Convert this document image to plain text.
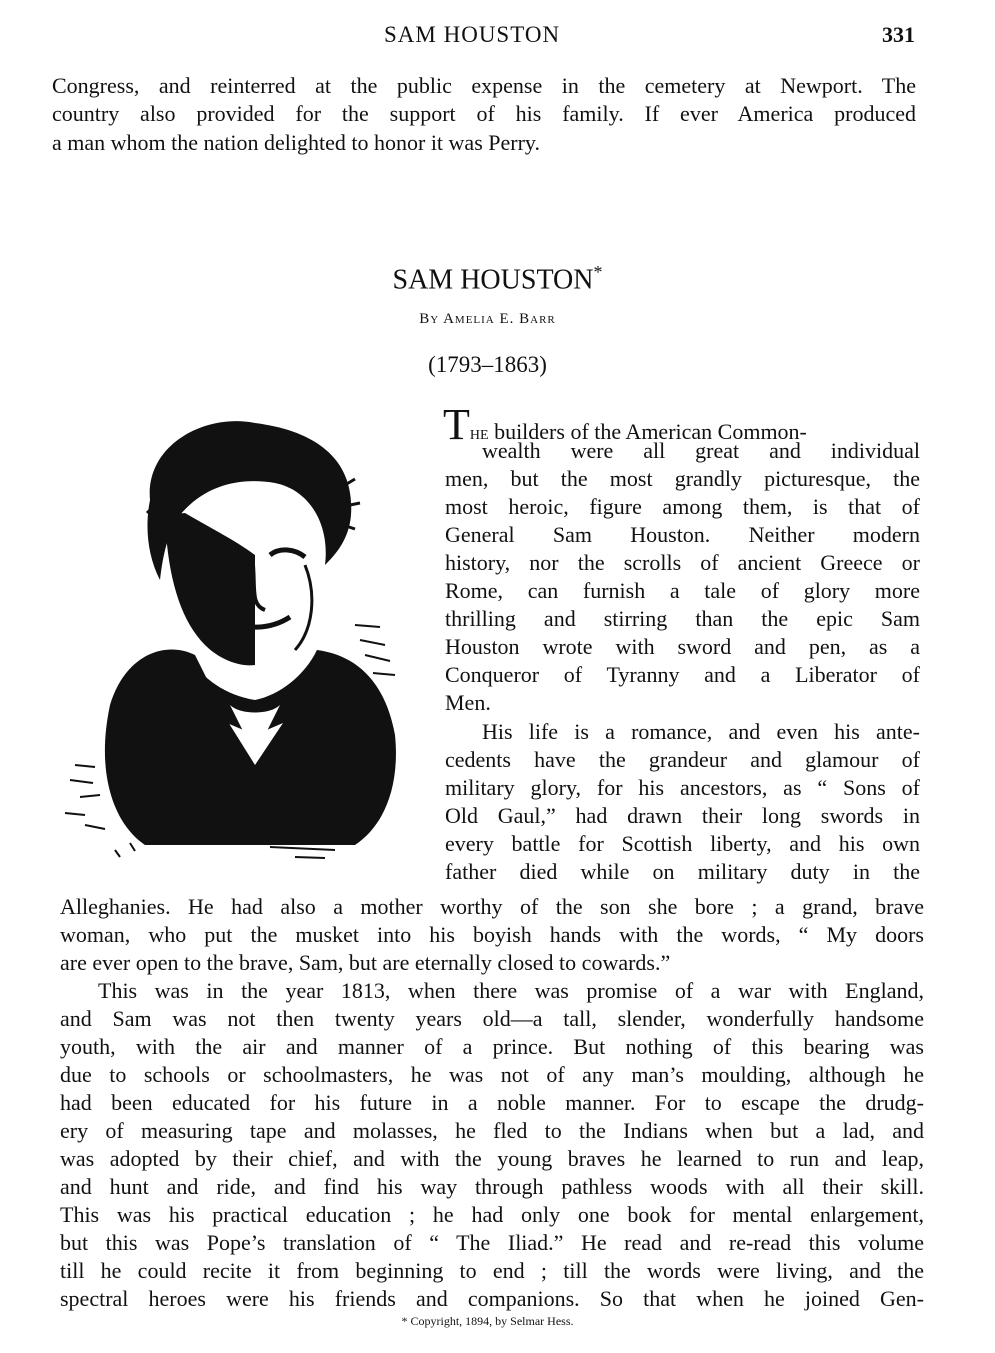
SAM HOUSTON	331
Congress, and reinterred at the public expense in the cemetery at Newport. The
country also provided for the support of his family. If ever America produced
a man whom the nation delighted to honor it was Perry.
SAM HOUSTON*
By Amelia E. Barr
(1793–1863)
The builders of the American Common-
wealth were all great and individual
men, but the most grandly picturesque, the
most heroic, figure among them, is that of
General Sam Houston. Neither modern
history, nor the scrolls of ancient Greece or
Rome, can furnish a tale of glory more
thrilling and stirring than the epic Sam
Houston wrote with sword and pen, as a
Conqueror of Tyranny and a Liberator of
Men.
His life is a romance, and even his ante-
cedents have the grandeur and glamour of
military glory, for his ancestors, as “ Sons of
Old Gaul,” had drawn their long swords in
every battle for Scottish liberty, and his own
father died while on military duty in the
Alleghanies. He had also a mother worthy of the son she bore ; a grand, brave
woman, who put the musket into his boyish hands with the words, “ My doors
are ever open to the brave, Sam, but are eternally closed to cowards.”
This was in the year 1813, when there was promise of a war with England,
and Sam was not then twenty years old—a tall, slender, wonderfully handsome
youth, with the air and manner of a prince. But nothing of this bearing was
due to schools or schoolmasters, he was not of any man’s moulding, although he
had been educated for his future in a noble manner. For to escape the drudg-
ery of measuring tape and molasses, he fled to the Indians when but a lad, and
was adopted by their chief, and with the young braves he learned to run and leap,
and hunt and ride, and find his way through pathless woods with all their skill.
This was his practical education ; he had only one book for mental enlargement,
but this was Pope’s translation of “ The Iliad.” He read and re-read this volume
till he could recite it from beginning to end ; till the words were living, and the
spectral heroes were his friends and companions. So that when he joined Gen-
* Copyright, 1894, by Selmar Hess.
